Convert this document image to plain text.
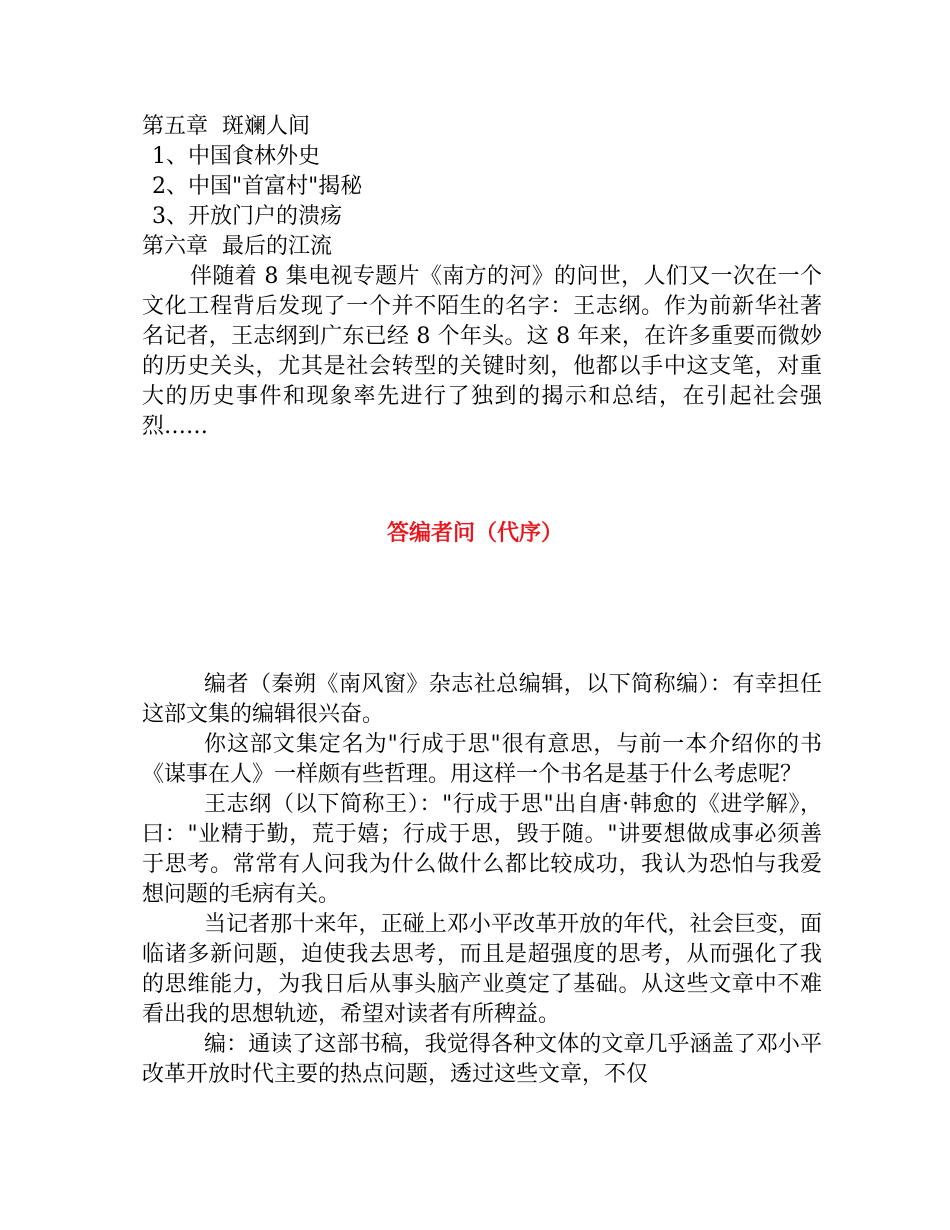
第五章  斑斓人间
1、中国食林外史
2、中国"首富村"揭秘
3、开放门户的溃疡
第六章  最后的江流
伴随着 8 集电视专题片《南方的河》的问世，人们又一次在一个文化工程背后发现了一个并不陌生的名字：王志纲。作为前新华社著名记者，王志纲到广东已经 8 个年头。这 8 年来，在许多重要而微妙的历史关头，尤其是社会转型的关键时刻，他都以手中这支笔，对重大的历史事件和现象率先进行了独到的揭示和总结，在引起社会强烈……
答编者问（代序）

编者（秦朔《南风窗》杂志社总编辑，以下简称编）：有幸担任这部文集的编辑很兴奋。

你这部文集定名为"行成于思"很有意思，与前一本介绍你的书《谋事在人》一样颇有些哲理。用这样一个书名是基于什么考虑呢？

王志纲（以下简称王）："行成于思"出自唐·韩愈的《进学解》，曰："业精于勤，荒于嬉；行成于思，毁于随。"讲要想做成事必须善于思考。常常有人问我为什么做什么都比较成功，我认为恐怕与我爱想问题的毛病有关。

当记者那十来年，正碰上邓小平改革开放的年代，社会巨变，面临诸多新问题，迫使我去思考，而且是超强度的思考，从而强化了我的思维能力，为我日后从事头脑产业奠定了基础。从这些文章中不难看出我的思想轨迹，希望对读者有所稗益。

编：通读了这部书稿，我觉得各种文体的文章几乎涵盖了邓小平改革开放时代主要的热点问题，透过这些文章，不仅
